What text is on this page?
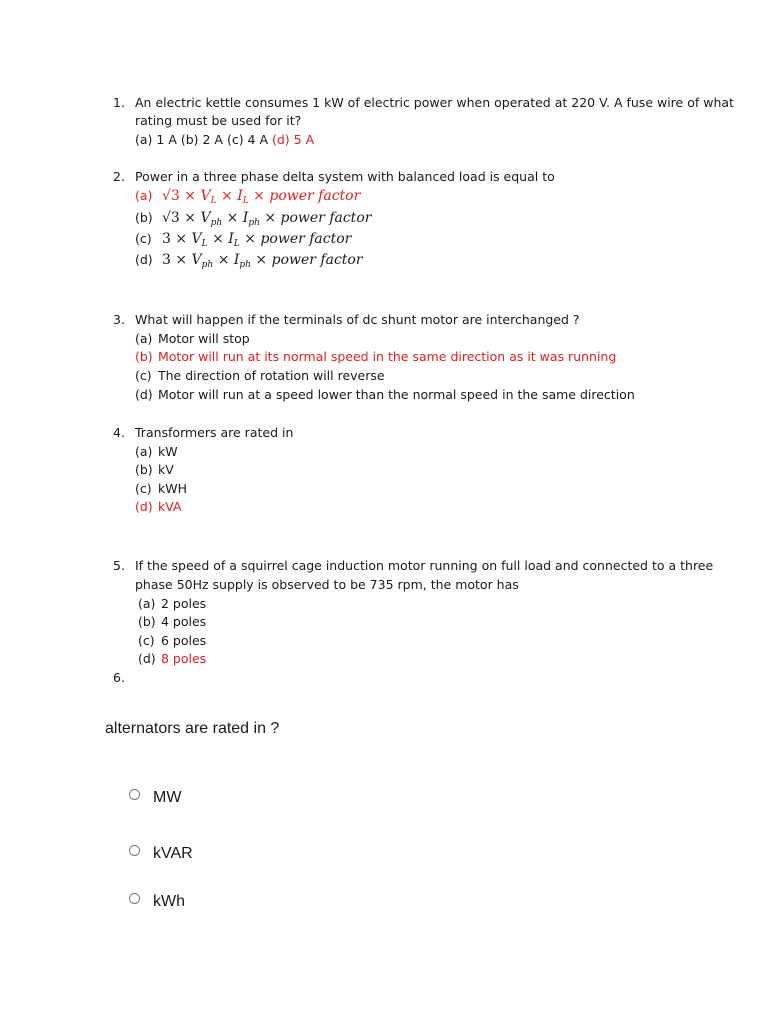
1. An electric kettle consumes 1 kW of electric power when operated at 220 V. A fuse wire of what
rating must be used for it?
(a) 1 A (b) 2 A (c) 4 A (d) 5 A
2. Power in a three phase delta system with balanced load is equal to
(a) $√3 \times V_L \times I_L$ × power factor
(b) $√3 \times V_{ph} \times I_{ph}$ × power factor
(c) $3 \times V_L \times I_L$ × power factor
(d) $3 \times V_{ph} \times I_{ph}$ × power factor
3. What will happen if the terminals of dc shunt motor are interchanged ?
(a) Motor will stop
(b) Motor will run at its normal speed in the same direction as it was running
(c) The direction of rotation will reverse
(d) Motor will run at a speed lower than the normal speed in the same direction
4. Transformers are rated in
(a) kW
(b) kV
(c) kWH
(d) kVA
5. If the speed of a squirrel cage induction motor running on full load and connected to a three
phase 50Hz supply is observed to be 735 rpm, the motor has
(a) 2 poles
(b) 4 poles
(c) 6 poles
(d) 8 poles
6.
alternators are rated in ?
MW
kVAR
kWh
